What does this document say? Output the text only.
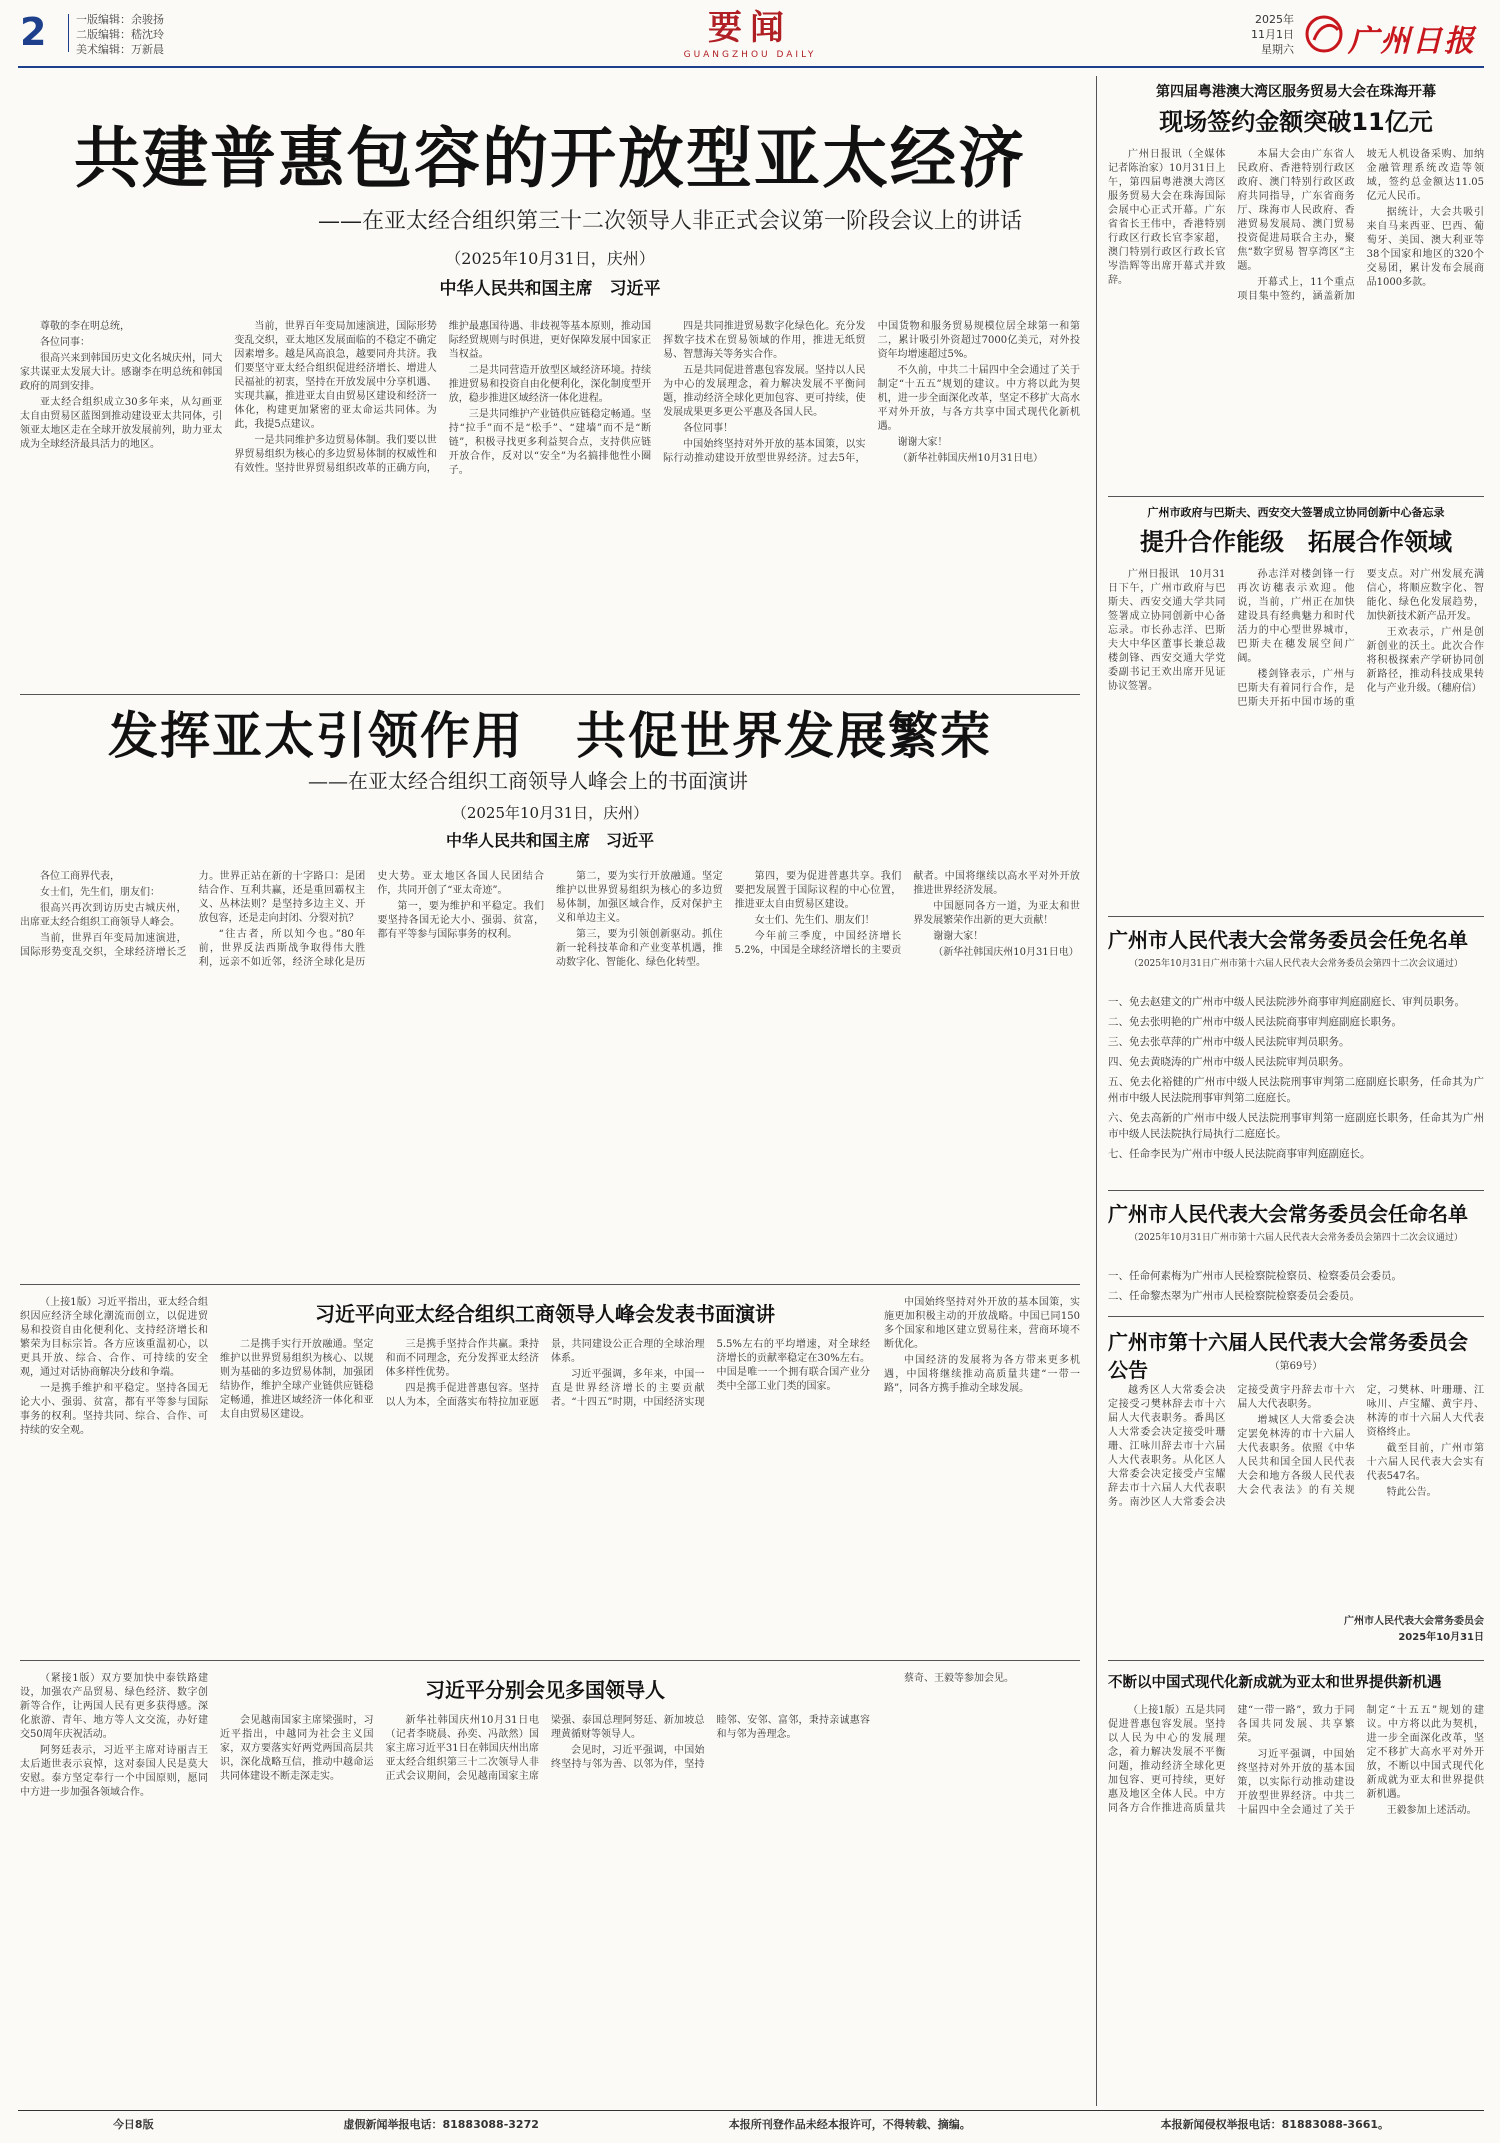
2	一版编辑：余骏扬
二版编辑：嵇沈玲
美术编辑：万新晨
要闻
GUANGZHOU DAILY
2025年
11月1日
星期六 广州日报
共建普惠包容的开放型亚太经济
——在亚太经合组织第三十二次领导人非正式会议第一阶段会议上的讲话
（2025年10月31日，庆州）
中华人民共和国主席　习近平

尊敬的李在明总统，

各位同事：

很高兴来到韩国历史文化名城庆州，同大家共谋亚太发展大计。感谢李在明总统和韩国政府的周到安排。

亚太经合组织成立30多年来，从勾画亚太自由贸易区蓝图到推动建设亚太共同体，引领亚太地区走在全球开放发展前列，助力亚太成为全球经济最具活力的地区。

当前，世界百年变局加速演进，国际形势变乱交织，亚太地区发展面临的不稳定不确定因素增多。越是风高浪急，越要同舟共济。我们要坚守亚太经合组织促进经济增长、增进人民福祉的初衷，坚持在开放发展中分享机遇、实现共赢，推进亚太自由贸易区建设和经济一体化，构建更加紧密的亚太命运共同体。为此，我提5点建议。

一是共同维护多边贸易体制。我们要以世界贸易组织为核心的多边贸易体制的权威性和有效性。坚持世界贸易组织改革的正确方向，维护最惠国待遇、非歧视等基本原则，推动国际经贸规则与时俱进，更好保障发展中国家正当权益。

二是共同营造开放型区域经济环境。持续推进贸易和投资自由化便利化，深化制度型开放，稳步推进区域经济一体化进程。

三是共同维护产业链供应链稳定畅通。坚持“拉手”而不是“松手”、“建墙”而不是“断链”，积极寻找更多利益契合点，支持供应链开放合作，反对以“安全”为名搞排他性小圈子。

四是共同推进贸易数字化绿色化。充分发挥数字技术在贸易领域的作用，推进无纸贸易、智慧海关等务实合作。

五是共同促进普惠包容发展。坚持以人民为中心的发展理念，着力解决发展不平衡问题，推动经济全球化更加包容、更可持续，使发展成果更多更公平惠及各国人民。

各位同事！

中国始终坚持对外开放的基本国策，以实际行动推动建设开放型世界经济。过去5年，中国货物和服务贸易规模位居全球第一和第二，累计吸引外资超过7000亿美元，对外投资年均增速超过5%。

不久前，中共二十届四中全会通过了关于制定“十五五”规划的建议。中方将以此为契机，进一步全面深化改革，坚定不移扩大高水平对外开放，与各方共享中国式现代化新机遇。

谢谢大家！

（新华社韩国庆州10月31日电）

发挥亚太引领作用　共促世界发展繁荣
——在亚太经合组织工商领导人峰会上的书面演讲
（2025年10月31日，庆州）
中华人民共和国主席　习近平

各位工商界代表，

女士们，先生们，朋友们：

很高兴再次到访历史古城庆州，出席亚太经合组织工商领导人峰会。

当前，世界百年变局加速演进，国际形势变乱交织，全球经济增长乏力。世界正站在新的十字路口：是团结合作、互利共赢，还是重回霸权主义、丛林法则？是坚持多边主义、开放包容，还是走向封闭、分裂对抗？

“往古者，所以知今也。”80年前，世界反法西斯战争取得伟大胜利，远亲不如近邻，经济全球化是历史大势。亚太地区各国人民团结合作，共同开创了“亚太奇迹”。

第一，要为维护和平稳定。我们要坚持各国无论大小、强弱、贫富，都有平等参与国际事务的权利。

第二，要为实行开放融通。坚定维护以世界贸易组织为核心的多边贸易体制，加强区域合作，反对保护主义和单边主义。

第三，要为引领创新驱动。抓住新一轮科技革命和产业变革机遇，推动数字化、智能化、绿色化转型。

第四，要为促进普惠共享。我们要把发展置于国际议程的中心位置，推进亚太自由贸易区建设。

女士们、先生们、朋友们！

今年前三季度，中国经济增长5.2%，中国是全球经济增长的主要贡献者。中国将继续以高水平对外开放推进世界经济发展。

中国愿同各方一道，为亚太和世界发展繁荣作出新的更大贡献！

谢谢大家！

（新华社韩国庆州10月31日电）

（上接1版）习近平指出，亚太经合组织因应经济全球化潮流而创立，以促进贸易和投资自由化便利化、支持经济增长和繁荣为目标宗旨。各方应该重温初心，以更具开放、综合、合作、可持续的安全观，通过对话协商解决分歧和争端。

一是携手维护和平稳定。坚持各国无论大小、强弱、贫富，都有平等参与国际事务的权利。坚持共同、综合、合作、可持续的安全观。

习近平向亚太经合组织工商领导人峰会发表书面演讲

二是携手实行开放融通。坚定维护以世界贸易组织为核心、以规则为基础的多边贸易体制，加强团结协作，维护全球产业链供应链稳定畅通，推进区域经济一体化和亚太自由贸易区建设。

三是携手坚持合作共赢。秉持和而不同理念，充分发挥亚太经济体多样性优势。

四是携手促进普惠包容。坚持以人为本，全面落实布特拉加亚愿景，共同建设公正合理的全球治理体系。

习近平强调，多年来，中国一直是世界经济增长的主要贡献者。“十四五”时期，中国经济实现5.5%左右的平均增速，对全球经济增长的贡献率稳定在30%左右。中国是唯一一个拥有联合国产业分类中全部工业门类的国家。

中国始终坚持对外开放的基本国策，实施更加积极主动的开放战略。中国已同150多个国家和地区建立贸易往来，营商环境不断优化。

中国经济的发展将为各方带来更多机遇，中国将继续推动高质量共建“一带一路”，同各方携手推动全球发展。

（紧接1版）双方要加快中泰铁路建设，加强农产品贸易、绿色经济、数字创新等合作，让两国人民有更多获得感。深化旅游、青年、地方等人文交流，办好建交50周年庆祝活动。

阿努廷表示，习近平主席对诗丽吉王太后逝世表示哀悼，这对泰国人民是莫大安慰。泰方坚定奉行一个中国原则，愿同中方进一步加强各领域合作。

习近平分别会见多国领导人

会见越南国家主席梁强时，习近平指出，中越同为社会主义国家，双方要落实好两党两国高层共识，深化战略互信，推动中越命运共同体建设不断走深走实。

新华社韩国庆州10月31日电（记者李晓晨、孙奕、冯歆然）国家主席习近平31日在韩国庆州出席亚太经合组织第三十二次领导人非正式会议期间，会见越南国家主席梁强、泰国总理阿努廷、新加坡总理黄循财等领导人。

会见时，习近平强调，中国始终坚持与邻为善、以邻为伴，坚持睦邻、安邻、富邻，秉持亲诚惠容和与邻为善理念。

蔡奇、王毅等参加会见。

第四届粤港澳大湾区服务贸易大会在珠海开幕
现场签约金额突破11亿元

广州日报讯（全媒体记者陈治家）10月31日上午，第四届粤港澳大湾区服务贸易大会在珠海国际会展中心正式开幕。广东省省长王伟中，香港特别行政区行政长官李家超，澳门特别行政区行政长官岑浩辉等出席开幕式并致辞。

本届大会由广东省人民政府、香港特别行政区政府、澳门特别行政区政府共同指导，广东省商务厅、珠海市人民政府、香港贸易发展局、澳门贸易投资促进局联合主办，聚焦“数字贸易 智享湾区”主题。

开幕式上，11个重点项目集中签约，涵盖新加坡无人机设备采购、加纳金融管理系统改造等领域，签约总金额达11.05亿元人民币。

据统计，大会共吸引来自马来西亚、巴西、葡萄牙、美国、澳大利亚等38个国家和地区的320个交易团，累计发布会展商品1000多款。

广州市政府与巴斯夫、西安交大签署成立协同创新中心备忘录
提升合作能级　拓展合作领域

广州日报讯　10月31日下午，广州市政府与巴斯夫、西安交通大学共同签署成立协同创新中心备忘录。市长孙志洋、巴斯夫大中华区董事长兼总裁楼剑锋、西安交通大学党委副书记王欢出席开见证协议签署。

孙志洋对楼剑锋一行再次访穗表示欢迎。他说，当前，广州正在加快建设具有经典魅力和时代活力的中心型世界城市，巴斯夫在穗发展空间广阔。

楼剑锋表示，广州与巴斯夫有着同行合作，是巴斯夫开拓中国市场的重要支点。对广州发展充满信心，将顺应数字化、智能化、绿色化发展趋势，加快新技术新产品开发。

王欢表示，广州是创新创业的沃土。此次合作将积极探索产学研协同创新路径，推动科技成果转化与产业升级。（穗府信）

广州市人民代表大会常务委员会任免名单
（2025年10月31日广州市第十六届人民代表大会常务委员会第四十二次会议通过）

一、免去赵建文的广州市中级人民法院涉外商事审判庭副庭长、审判员职务。

二、免去张明艳的广州市中级人民法院商事审判庭副庭长职务。

三、免去张草萍的广州市中级人民法院审判员职务。

四、免去黄晓涛的广州市中级人民法院审判员职务。

五、免去化裕健的广州市中级人民法院刑事审判第二庭副庭长职务，任命其为广州市中级人民法院刑事审判第二庭庭长。

六、免去高新的广州市中级人民法院刑事审判第一庭副庭长职务，任命其为广州市中级人民法院执行局执行二庭庭长。

七、任命李民为广州市中级人民法院商事审判庭副庭长。

广州市人民代表大会常务委员会任命名单
（2025年10月31日广州市第十六届人民代表大会常务委员会第四十二次会议通过）

一、任命何素梅为广州市人民检察院检察员、检察委员会委员。

二、任命黎杰翠为广州市人民检察院检察委员会委员。

广州市第十六届人民代表大会常务委员会公告	（第69号）

越秀区人大常委会决定接受刁樊林辞去市十六届人大代表职务。番禺区人大常委会决定接受叶珊珊、江咏川辞去市十六届人大代表职务。从化区人大常委会决定接受卢宝耀辞去市十六届人大代表职务。南沙区人大常委会决定接受黄宇丹辞去市十六届人大代表职务。

增城区人大常委会决定罢免林涛的市十六届人大代表职务。依照《中华人民共和国全国人民代表大会和地方各级人民代表大会代表法》的有关规定，刁樊林、叶珊珊、江咏川、卢宝耀、黄宇丹、林涛的市十六届人大代表资格终止。

截至目前，广州市第十六届人民代表大会实有代表547名。

特此公告。

广州市人民代表大会常务委员会
2025年10月31日
不断以中国式现代化新成就为亚太和世界提供新机遇

（上接1版）五是共同促进普惠包容发展。坚持以人民为中心的发展理念，着力解决发展不平衡问题，推动经济全球化更加包容、更可持续，更好惠及地区全体人民。中方同各方合作推进高质量共建“一带一路”，致力于同各国共同发展、共享繁荣。

习近平强调，中国始终坚持对外开放的基本国策，以实际行动推动建设开放型世界经济。中共二十届四中全会通过了关于制定“十五五”规划的建议。中方将以此为契机，进一步全面深化改革，坚定不移扩大高水平对外开放，不断以中国式现代化新成就为亚太和世界提供新机遇。

王毅参加上述活动。

今日8版	虚假新闻举报电话：81883088-3272	本报所刊登作品未经本报许可，不得转载、摘编。	本报新闻侵权举报电话：81883088-3661。
